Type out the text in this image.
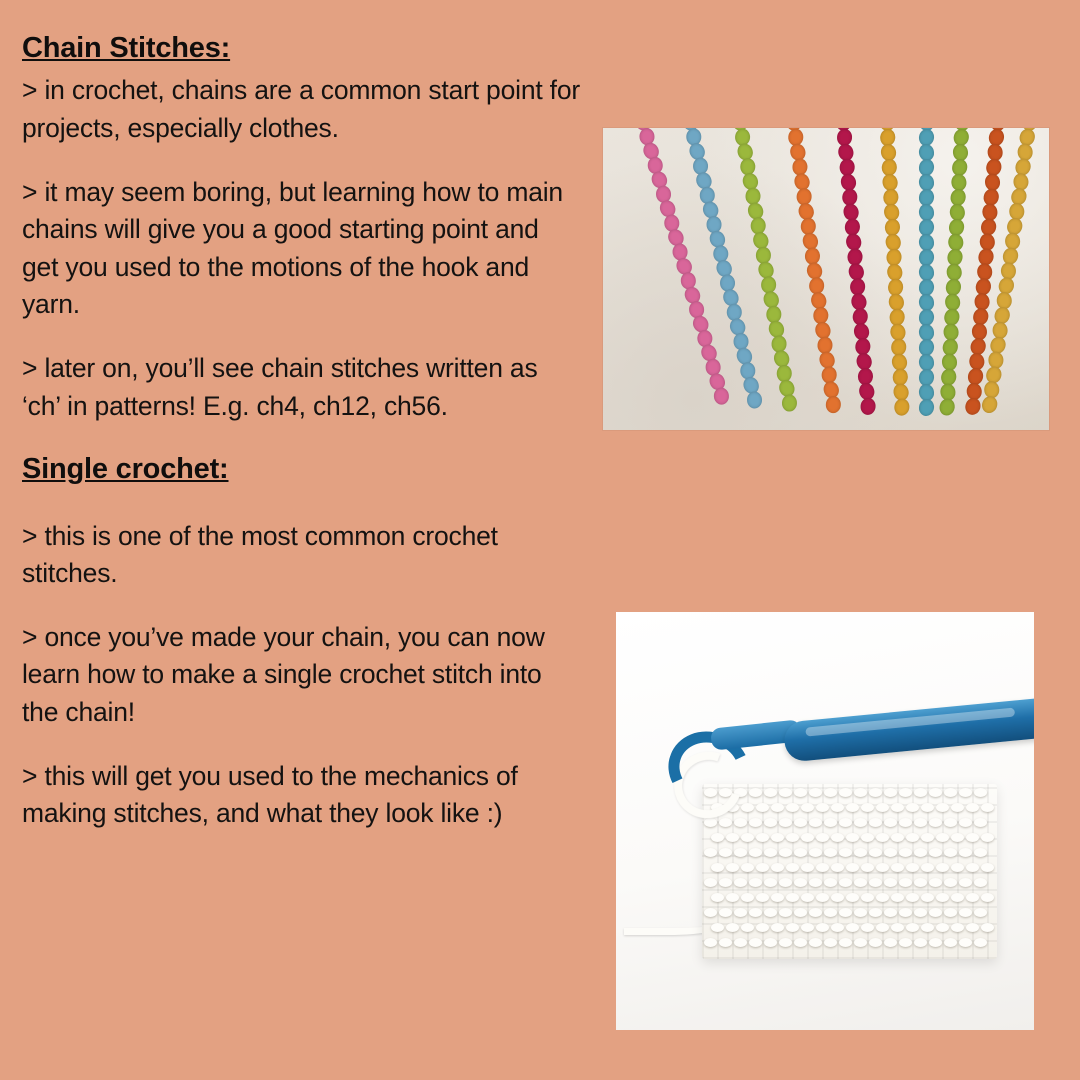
Chain Stitches:

> in crochet, chains are a common start point for projects, especially clothes.

> it may seem boring, but learning how to main chains will give you a good starting point and get you used to the motions of the hook and yarn.

> later on, you’ll see chain stitches written as ‘ch’ in patterns! E.g. ch4, ch12, ch56.

Single crochet:

> this is one of the most common crochet stitches.

> once you’ve made your chain, you can now learn how to make a single crochet stitch into the chain!

> this will get you used to the mechanics of making stitches, and what they look like :)
